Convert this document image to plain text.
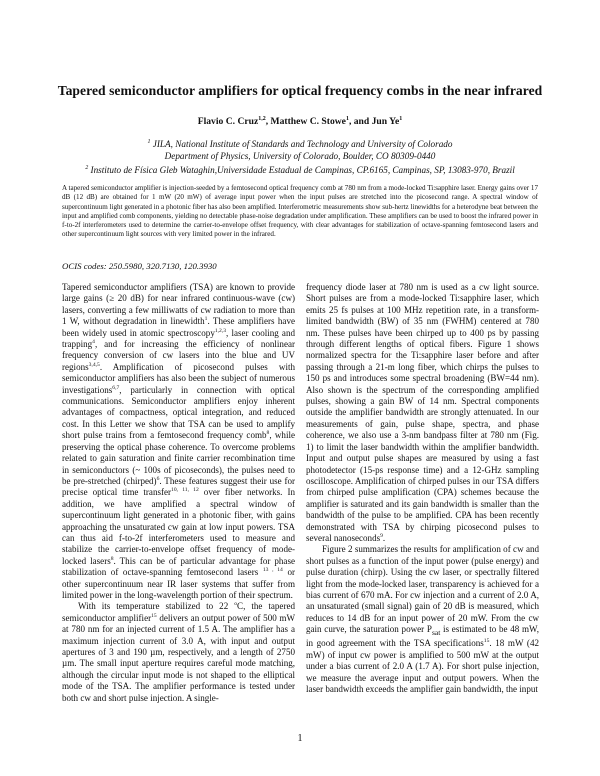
Tapered semiconductor amplifiers for optical frequency combs in the near infrared
Flavio C. Cruz$^{1,2}$, Matthew C. Stowe$^1$, and Jun Ye$^1$
$^1$ JILA, National Institute of Standards and Technology and University of Colorado
Department of Physics, University of Colorado, Boulder, CO 80309-0440
$^2$ Instituto de Física Gleb Wataghin,Universidade Estadual de Campinas, CP.6165, Campinas, SP, 13083-970, Brazil
A tapered semiconductor amplifier is injection-seeded by a femtosecond optical frequency comb at 780 nm from a mode-locked Ti:sapphire laser. Energy gains over 17 dB (12 dB) are obtained for 1 mW (20 mW) of average input power when the input pulses are stretched into the picosecond range. A spectral window of supercontinuum light generated in a photonic fiber has also been amplified. Interferometric measurements show sub-hertz linewidths for a heterodyne beat between the input and amplified comb components, yielding no detectable phase-noise degradation under amplification. These amplifiers can be used to boost the infrared power in f-to-2f interferometers used to determine the carrier-to-envelope offset frequency, with clear advantages for stabilization of octave-spanning femtosecond lasers and other supercontinuum light sources with very limited power in the infrared.
OCIS codes: 250.5980, 320.7130, 120.3930

Tapered semiconductor amplifiers (TSA) are known to provide large gains (≥ 20 dB) for near infrared continuous-wave (cw) lasers, converting a few milliwatts of cw radiation to more than 1 W, without degradation in linewidth$^1$. These amplifiers have been widely used in atomic spectroscopy$^{1,2,3}$, laser cooling and trapping$^4$, and for increasing the efficiency of nonlinear frequency conversion of cw lasers into the blue and UV regions$^{3,4,5}$. Amplification of picosecond pulses with semiconductor amplifiers has also been the subject of numerous investigations$^{6,7}$, particularly in connection with optical communications. Semiconductor amplifiers enjoy inherent advantages of compactness, optical integration, and reduced cost. In this Letter we show that TSA can be used to amplify short pulse trains from a femtosecond frequency comb$^8$, while preserving the optical phase coherence. To overcome problems related to gain saturation and finite carrier recombination time in semiconductors (~ 100s of picoseconds), the pulses need to be pre-stretched (chirped)$^6$. These features suggest their use for precise optical time transfer$^{10, 11, 12}$ over fiber networks. In addition, we have amplified a spectral window of supercontinuum light generated in a photonic fiber, with gains approaching the unsaturated cw gain at low input powers. TSA can thus aid f-to-2f interferometers used to measure and stabilize the carrier-to-envelope offset frequency of mode-locked lasers$^8$. This can be of particular advantage for phase stabilization of octave-spanning femtosecond lasers $^{13 , 14}$ or other supercontinuum near IR laser systems that suffer from limited power in the long-wavelength portion of their spectrum.

With its temperature stabilized to 22 $^o$C, the tapered semiconductor amplifier$^{15}$ delivers an output power of 500 mW at 780 nm for an injected current of 1.5 A. The amplifier has a maximum injection current of 3.0 A, with input and output apertures of 3 and 190 µm, respectively, and a length of 2750 µm. The small input aperture requires careful mode matching, although the circular input mode is not shaped to the elliptical mode of the TSA. The amplifier performance is tested under both cw and short pulse injection. A single-

frequency diode laser at 780 nm is used as a cw light source. Short pulses are from a mode-locked Ti:sapphire laser, which emits 25 fs pulses at 100 MHz repetition rate, in a transform-limited bandwidth (BW) of 35 nm (FWHM) centered at 780 nm. These pulses have been chirped up to 400 ps by passing through different lengths of optical fibers. Figure 1 shows normalized spectra for the Ti:sapphire laser before and after passing through a 21-m long fiber, which chirps the pulses to 150 ps and introduces some spectral broadening (BW=44 nm). Also shown is the spectrum of the corresponding amplified pulses, showing a gain BW of 14 nm. Spectral components outside the amplifier bandwidth are strongly attenuated. In our measurements of gain, pulse shape, spectra, and phase coherence, we also use a 3-nm bandpass filter at 780 nm (Fig. 1) to limit the laser bandwidth within the amplifier bandwidth. Input and output pulse shapes are measured by using a fast photodetector (15-ps response time) and a 12-GHz sampling oscilloscope. Amplification of chirped pulses in our TSA differs from chirped pulse amplification (CPA) schemes because the amplifier is saturated and its gain bandwidth is smaller than the bandwidth of the pulse to be amplified. CPA has been recently demonstrated with TSA by chirping picosecond pulses to several nanoseconds$^9$.

Figure 2 summarizes the results for amplification of cw and short pulses as a function of the input power (pulse energy) and pulse duration (chirp). Using the cw laser, or spectrally filtered light from the mode-locked laser, transparency is achieved for a bias current of 670 mA. For cw injection and a current of 2.0 A, an unsaturated (small signal) gain of 20 dB is measured, which reduces to 14 dB for an input power of 20 mW. From the cw gain curve, the saturation power $P_{sat}$ is estimated to be 48 mW, in good agreement with the TSA specifications$^{15}$. 18 mW (42 mW) of input cw power is amplified to 500 mW at the output under a bias current of 2.0 A (1.7 A). For short pulse injection, we measure the average input and output powers. When the laser bandwidth exceeds the amplifier gain bandwidth, the input

1
